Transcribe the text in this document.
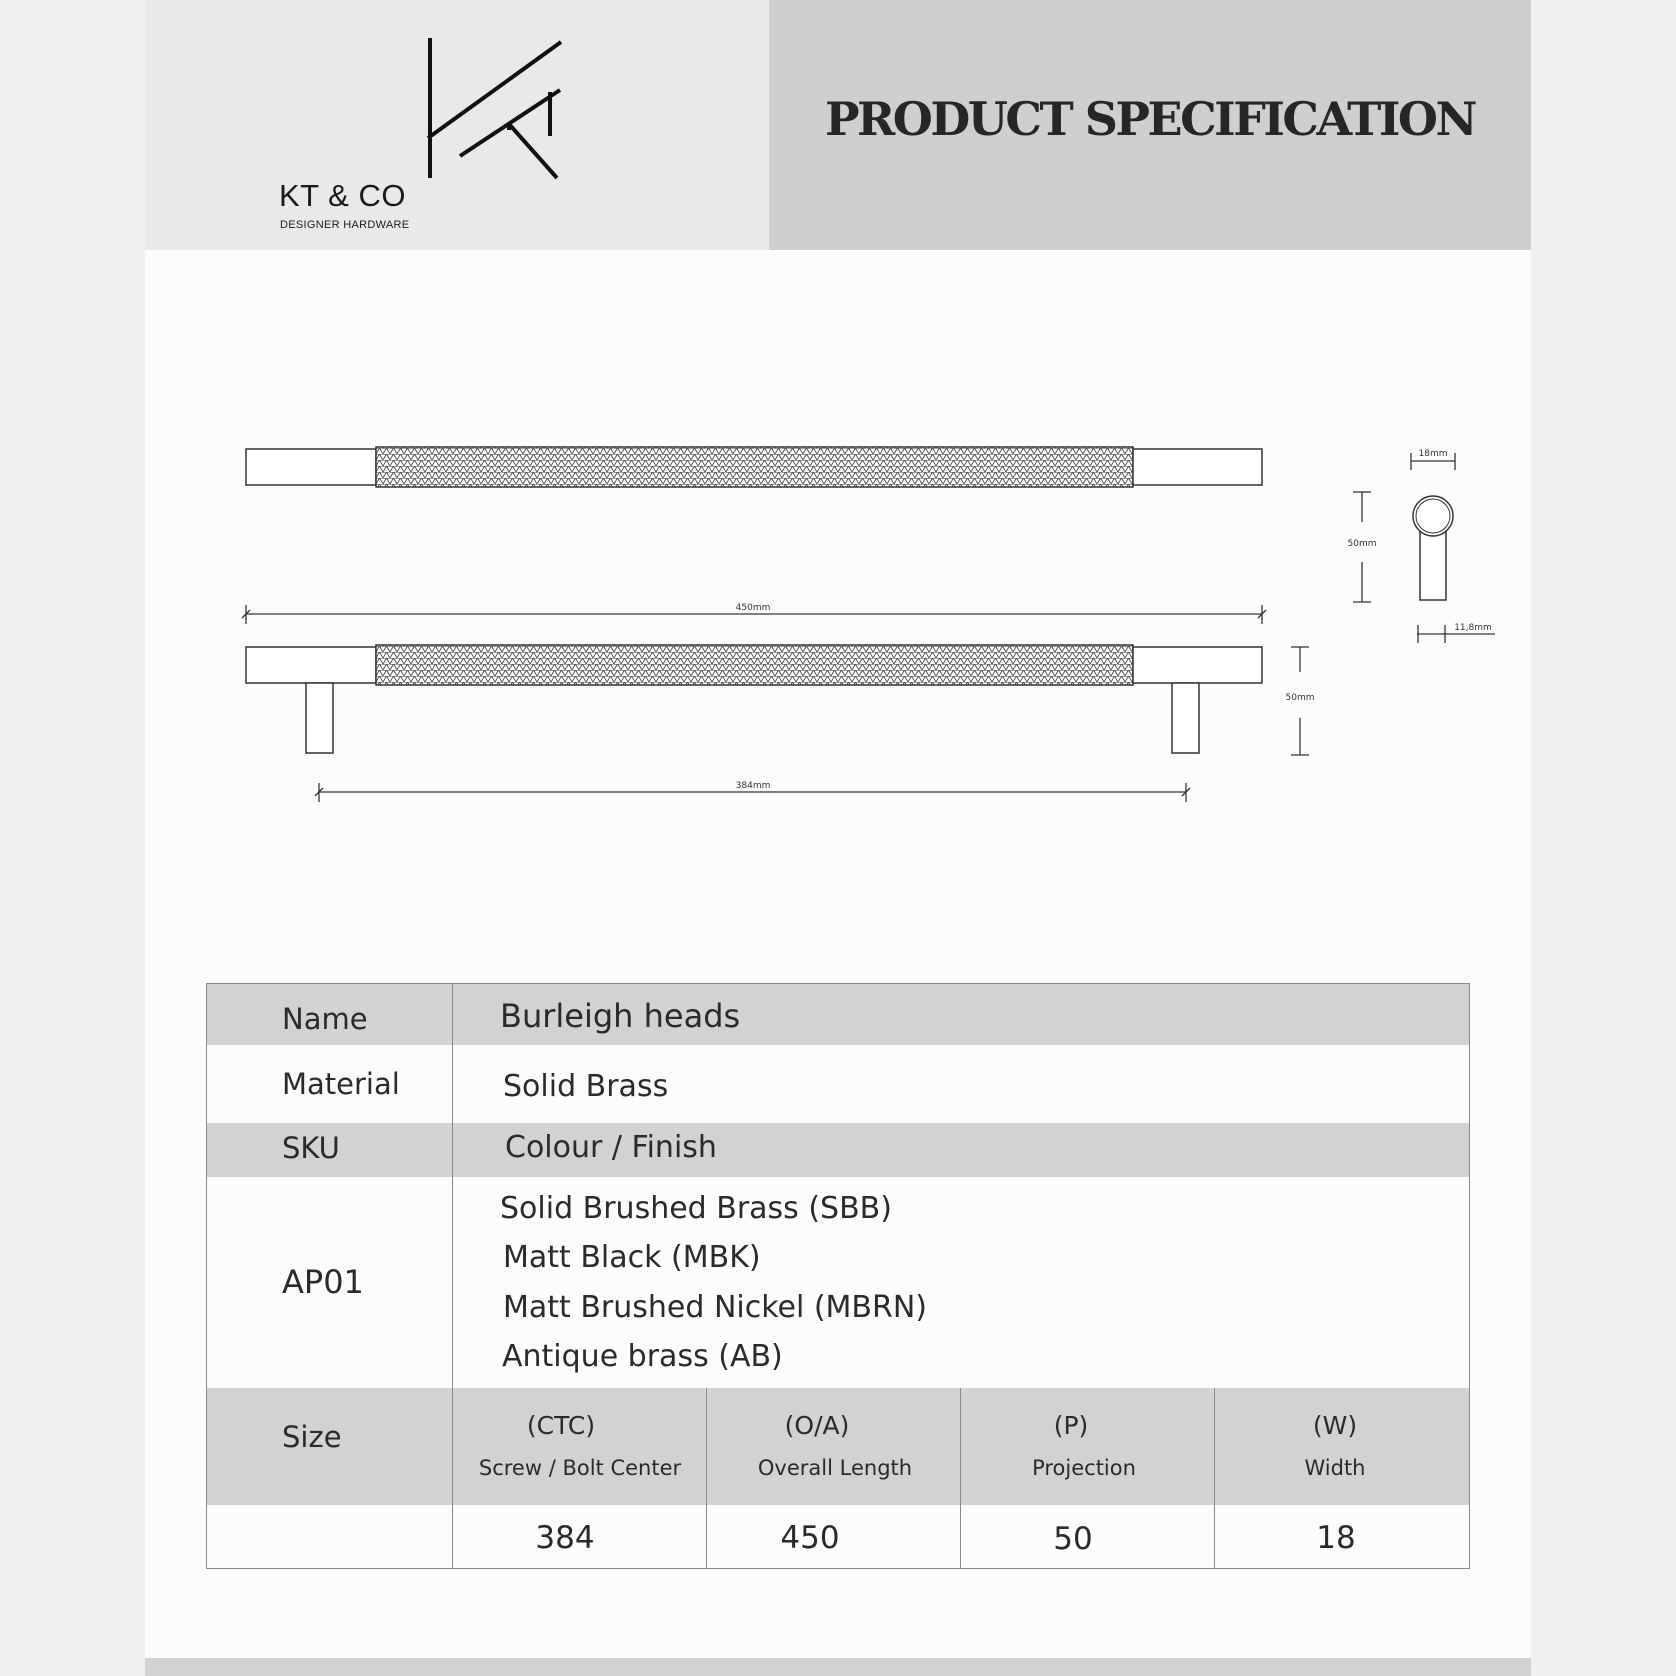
KT & CO
DESIGNER HARDWARE
PRODUCT SPECIFICATION
450mm
50mm
384mm
18mm
50mm
11,8mm
Name
Material
SKU
AP01
Size
Burleigh heads
Solid Brass
Colour / Finish
Solid Brushed Brass (SBB)
Matt Black (MBK)
Matt Brushed Nickel (MBRN)
Antique brass (AB)
(CTC)
Screw / Bolt Center
384
(O/A)
Overall Length
450
(P)
Projection
50
(W)
Width
18
